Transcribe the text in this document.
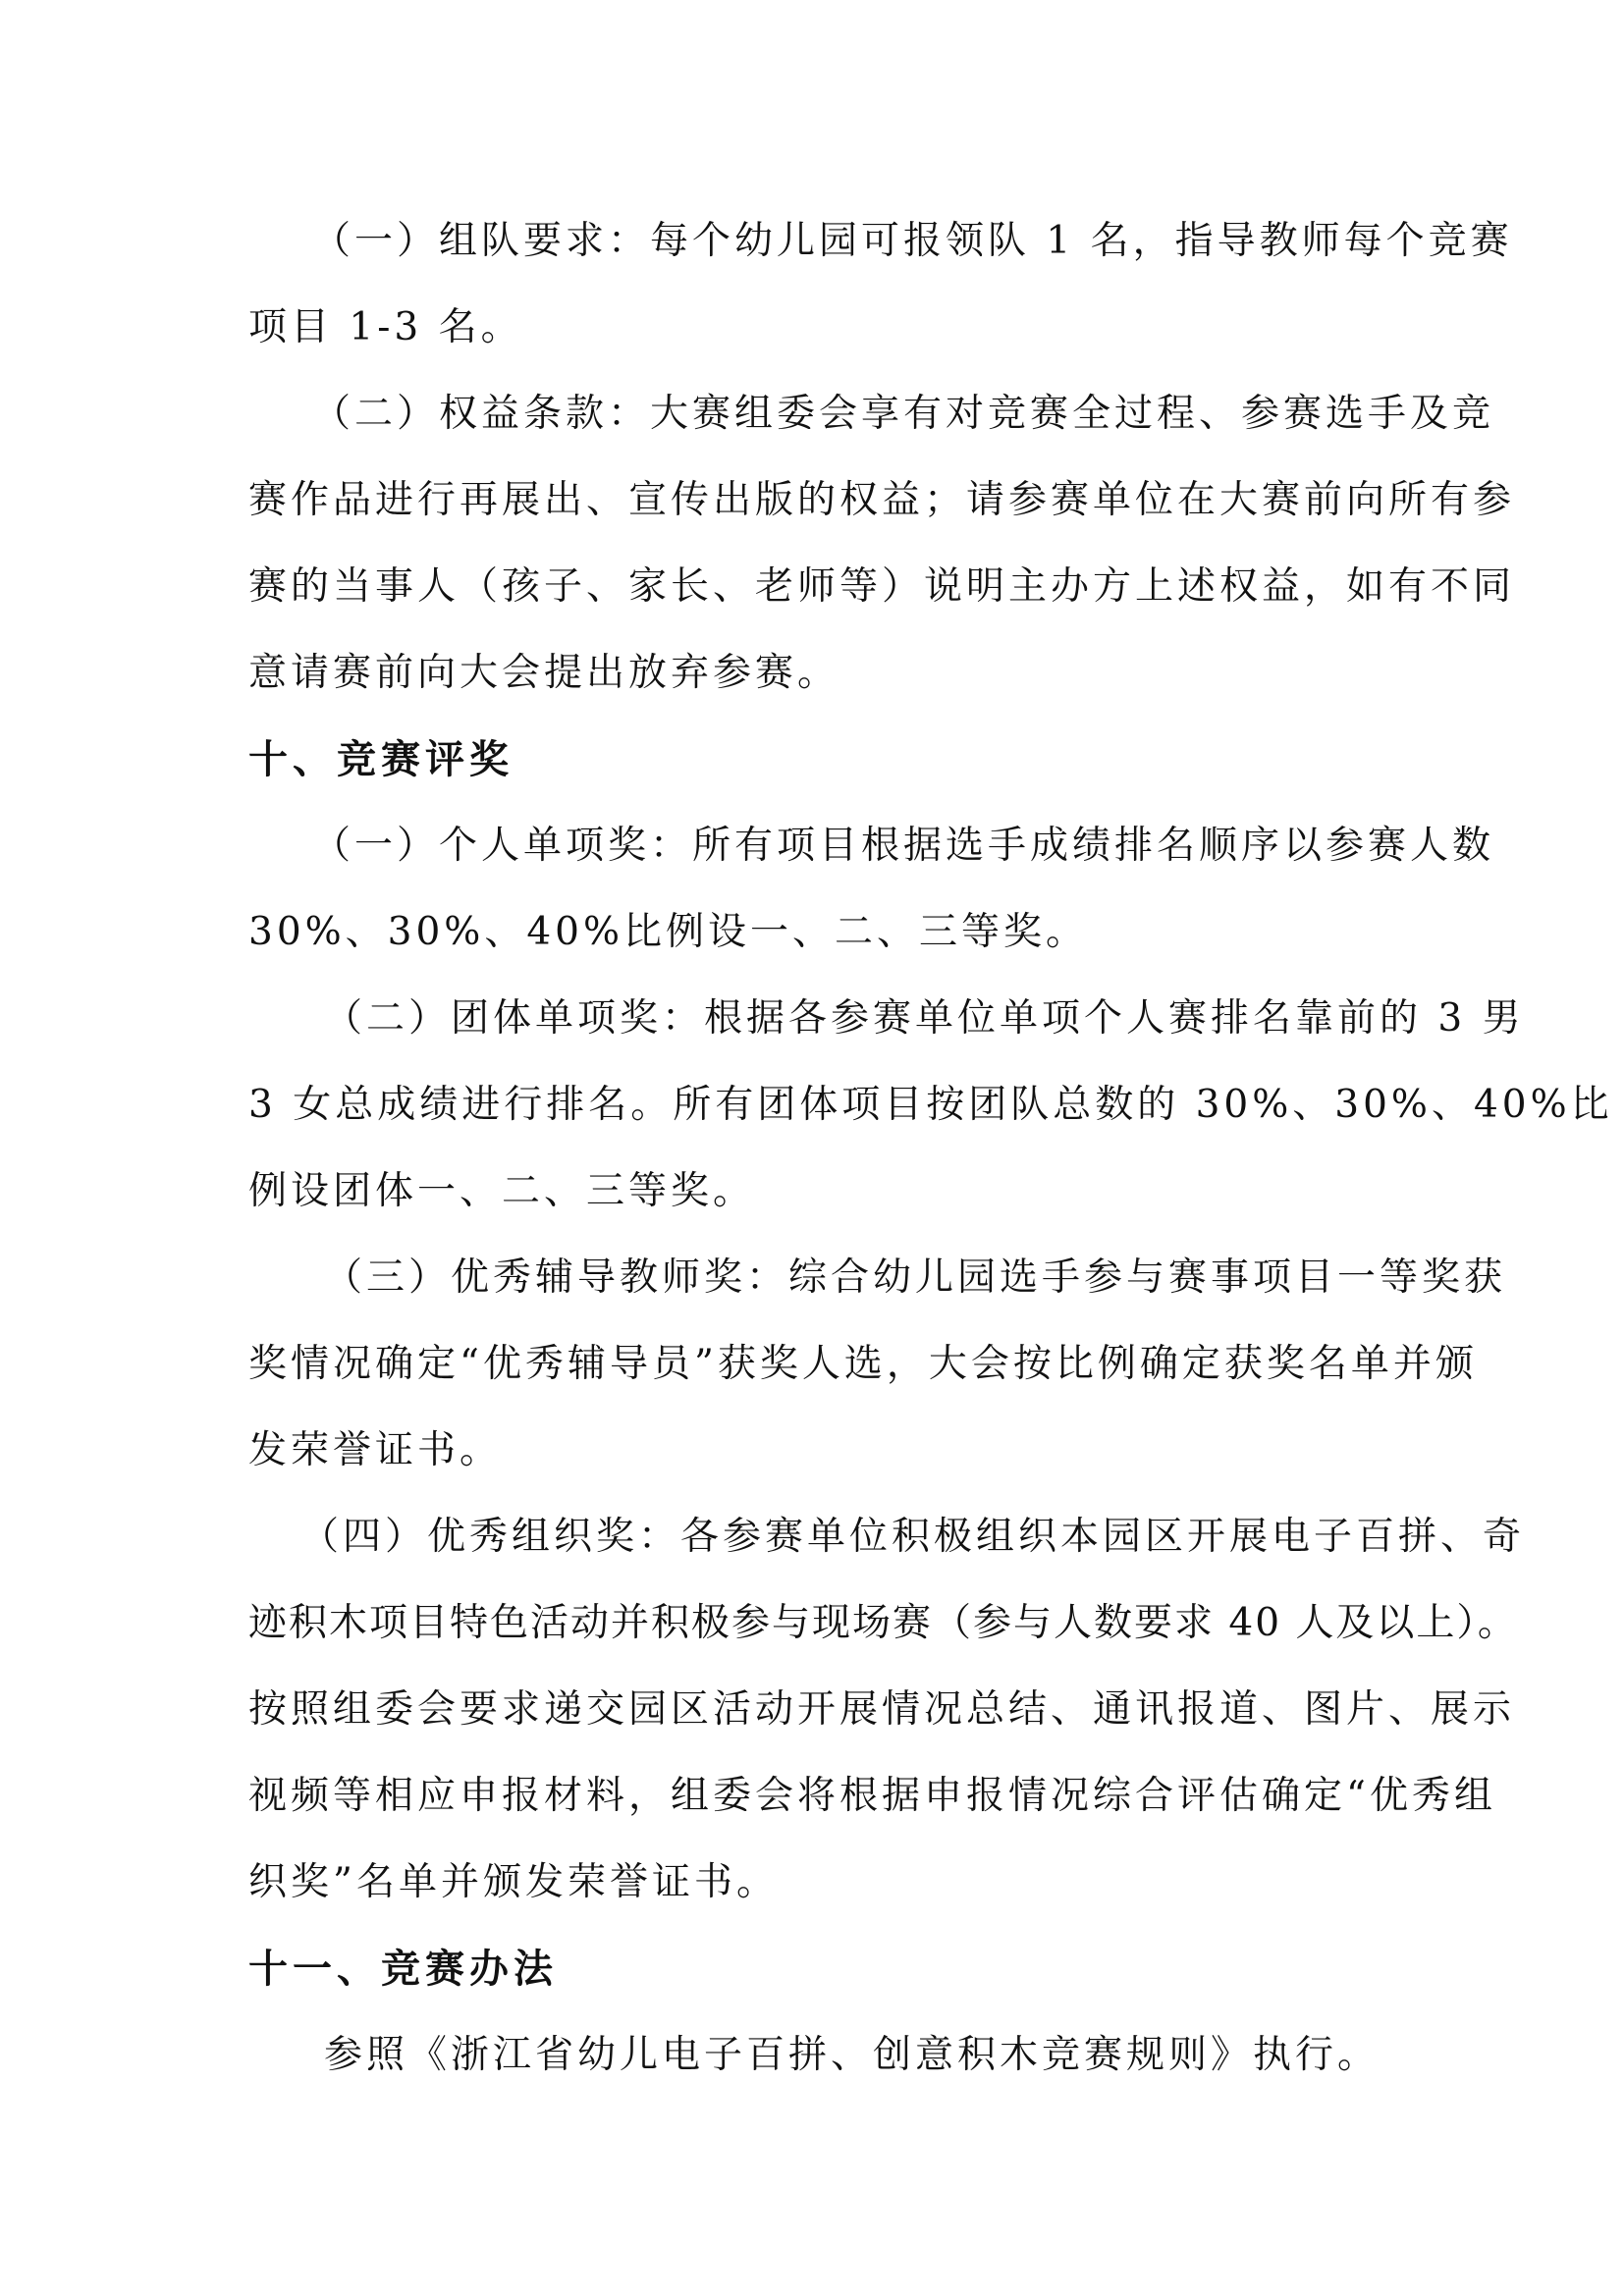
（一）组队要求：每个幼儿园可报领队 1 名，指导教师每个竞赛
项目 1-3 名。
（二）权益条款：大赛组委会享有对竞赛全过程、参赛选手及竞
赛作品进行再展出、宣传出版的权益；请参赛单位在大赛前向所有参
赛的当事人（孩子、家长、老师等）说明主办方上述权益，如有不同
意请赛前向大会提出放弃参赛。
十、竞赛评奖
（一）个人单项奖：所有项目根据选手成绩排名顺序以参赛人数
30%、30%、40%比例设一、二、三等奖。
（二）团体单项奖：根据各参赛单位单项个人赛排名靠前的 3 男
3 女总成绩进行排名。所有团体项目按团队总数的 30%、30%、40%比
例设团体一、二、三等奖。
（三）优秀辅导教师奖：综合幼儿园选手参与赛事项目一等奖获
奖情况确定“优秀辅导员”获奖人选，大会按比例确定获奖名单并颁
发荣誉证书。
（四）优秀组织奖：各参赛单位积极组织本园区开展电子百拼、奇
迹积木项目特色活动并积极参与现场赛（参与人数要求 40 人及以上）。
按照组委会要求递交园区活动开展情况总结、通讯报道、图片、展示
视频等相应申报材料，组委会将根据申报情况综合评估确定“优秀组
织奖”名单并颁发荣誉证书。
十一、竞赛办法
参照《浙江省幼儿电子百拼、创意积木竞赛规则》执行。
